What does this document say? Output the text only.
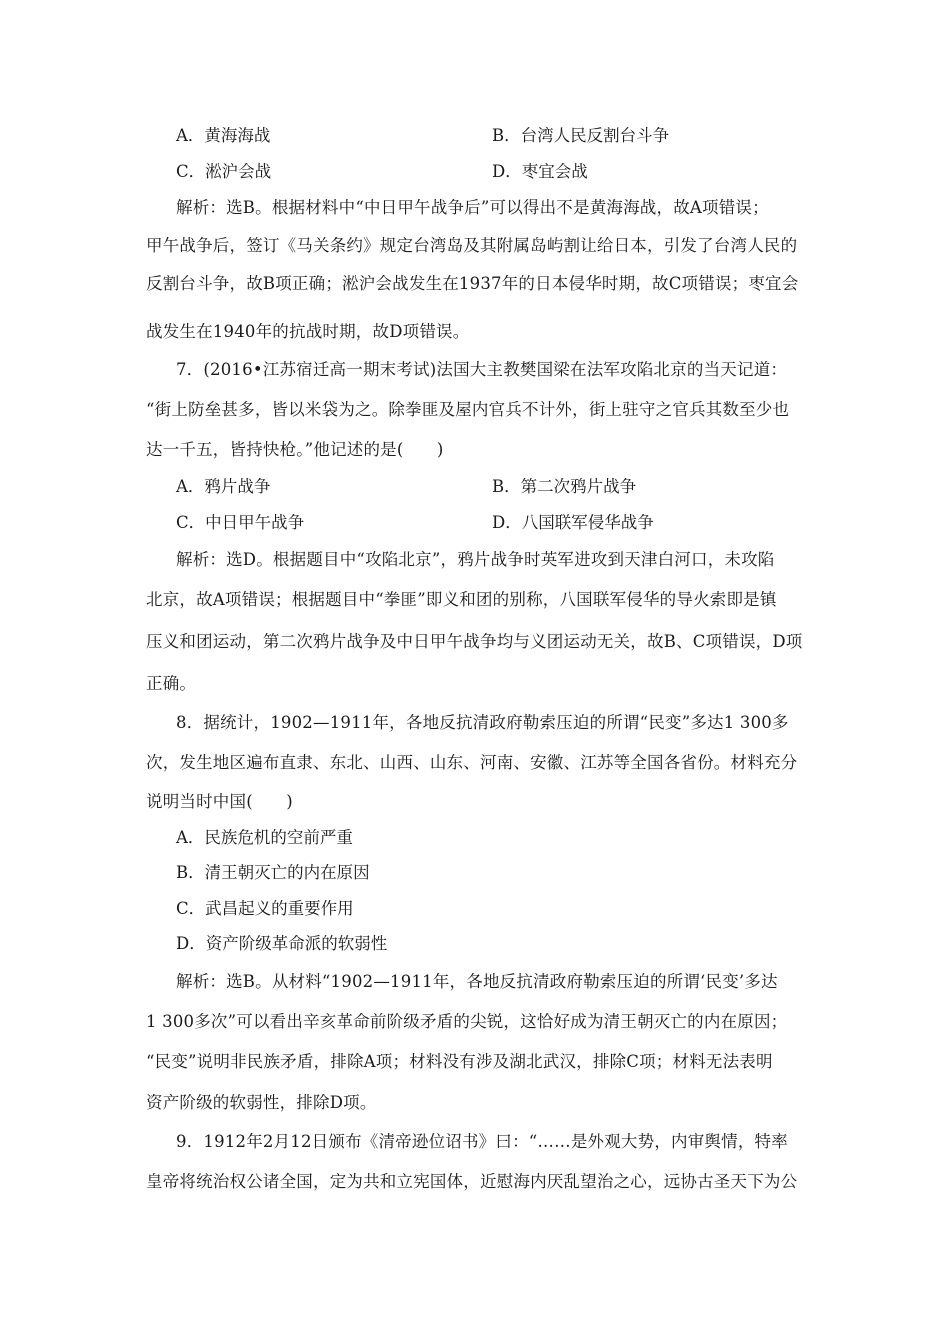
A．黄海海战	B．台湾人民反割台斗争
C．淞沪会战	D．枣宜会战
解析：选B。根据材料中“中日甲午战争后”可以得出不是黄海海战，故A项错误；
甲午战争后，签订《马关条约》规定台湾岛及其附属岛屿割让给日本，引发了台湾人民的
反割台斗争，故B项正确；淞沪会战发生在1937年的日本侵华时期，故C项错误；枣宜会
战发生在1940年的抗战时期，故D项错误。
7．(2016•江苏宿迁高一期末考试)法国大主教樊国梁在法军攻陷北京的当天记道：
“街上防垒甚多，皆以米袋为之。除拳匪及屋内官兵不计外，街上驻守之官兵其数至少也
达一千五，皆持快枪。”他记述的是(　　)
A．鸦片战争	B．第二次鸦片战争
C．中日甲午战争	D．八国联军侵华战争
解析：选D。根据题目中“攻陷北京”，鸦片战争时英军进攻到天津白河口，未攻陷
北京，故A项错误；根据题目中“拳匪”即义和团的别称，八国联军侵华的导火索即是镇
压义和团运动，第二次鸦片战争及中日甲午战争均与义团运动无关，故B、C项错误，D项
正确。
8．据统计，1902—1911年，各地反抗清政府勒索压迫的所谓“民变”多达1 300多
次，发生地区遍布直隶、东北、山西、山东、河南、安徽、江苏等全国各省份。材料充分
说明当时中国(　　)
A．民族危机的空前严重
B．清王朝灭亡的内在原因
C．武昌起义的重要作用
D．资产阶级革命派的软弱性
解析：选B。从材料“1902—1911年，各地反抗清政府勒索压迫的所谓‘民变’多达
1 300多次”可以看出辛亥革命前阶级矛盾的尖锐，这恰好成为清王朝灭亡的内在原因；
“民变”说明非民族矛盾，排除A项；材料没有涉及湖北武汉，排除C项；材料无法表明
资产阶级的软弱性，排除D项。
9．1912年2月12日颁布《清帝逊位诏书》曰：“……是外观大势，内审舆情，特率
皇帝将统治权公诸全国，定为共和立宪国体，近慰海内厌乱望治之心，远协古圣天下为公
